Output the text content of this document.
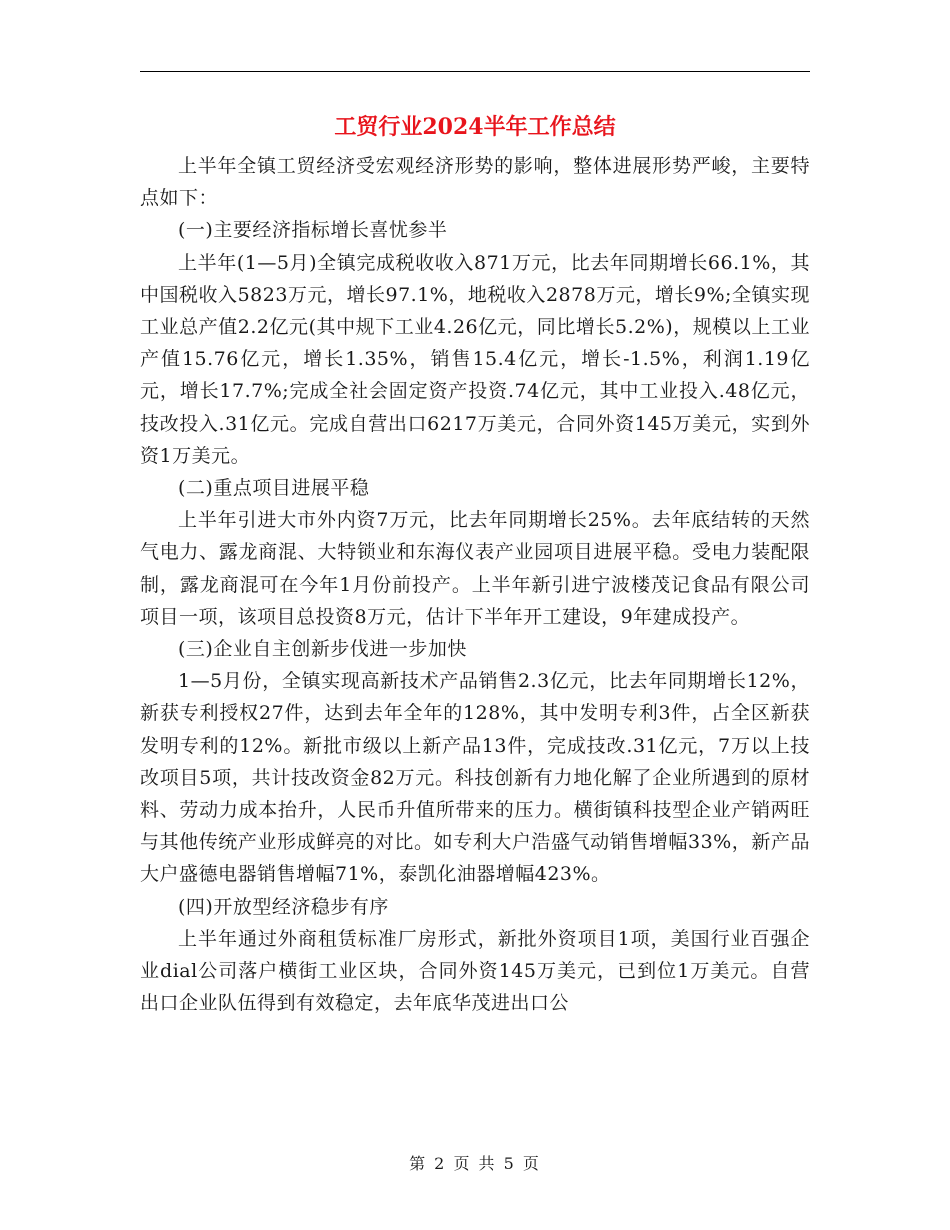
工贸行业2024半年工作总结

上半年全镇工贸经济受宏观经济形势的影响，整体进展形势严峻，主要特点如下：

(一)主要经济指标增长喜忧参半

上半年(1—5月)全镇完成税收收入871万元，比去年同期增长66.1%，其中国税收入5823万元，增长97.1%，地税收入2878万元，增长9%;全镇实现工业总产值2.2亿元(其中规下工业4.26亿元，同比增长5.2%)，规模以上工业产值15.76亿元，增长1.35%，销售15.4亿元，增长-1.5%，利润1.19亿元，增长17.7%;完成全社会固定资产投资.74亿元，其中工业投入.48亿元，技改投入.31亿元。完成自营出口6217万美元，合同外资145万美元，实到外资1万美元。

(二)重点项目进展平稳

上半年引进大市外内资7万元，比去年同期增长25%。去年底结转的天然气电力、露龙商混、大特锁业和东海仪表产业园项目进展平稳。受电力装配限制，露龙商混可在今年1月份前投产。上半年新引进宁波楼茂记食品有限公司项目一项，该项目总投资8万元，估计下半年开工建设，9年建成投产。

(三)企业自主创新步伐进一步加快

1—5月份，全镇实现高新技术产品销售2.3亿元，比去年同期增长12%，新获专利授权27件，达到去年全年的128%，其中发明专利3件，占全区新获发明专利的12%。新批市级以上新产品13件，完成技改.31亿元，7万以上技改项目5项，共计技改资金82万元。科技创新有力地化解了企业所遇到的原材料、劳动力成本抬升，人民币升值所带来的压力。横街镇科技型企业产销两旺与其他传统产业形成鲜亮的对比。如专利大户浩盛气动销售增幅33%，新产品大户盛德电器销售增幅71%，泰凯化油器增幅423%。

(四)开放型经济稳步有序

上半年通过外商租赁标准厂房形式，新批外资项目1项，美国行业百强企业dial公司落户横街工业区块，合同外资145万美元，已到位1万美元。自营出口企业队伍得到有效稳定，去年底华茂进出口公

第 2 页 共 5 页
